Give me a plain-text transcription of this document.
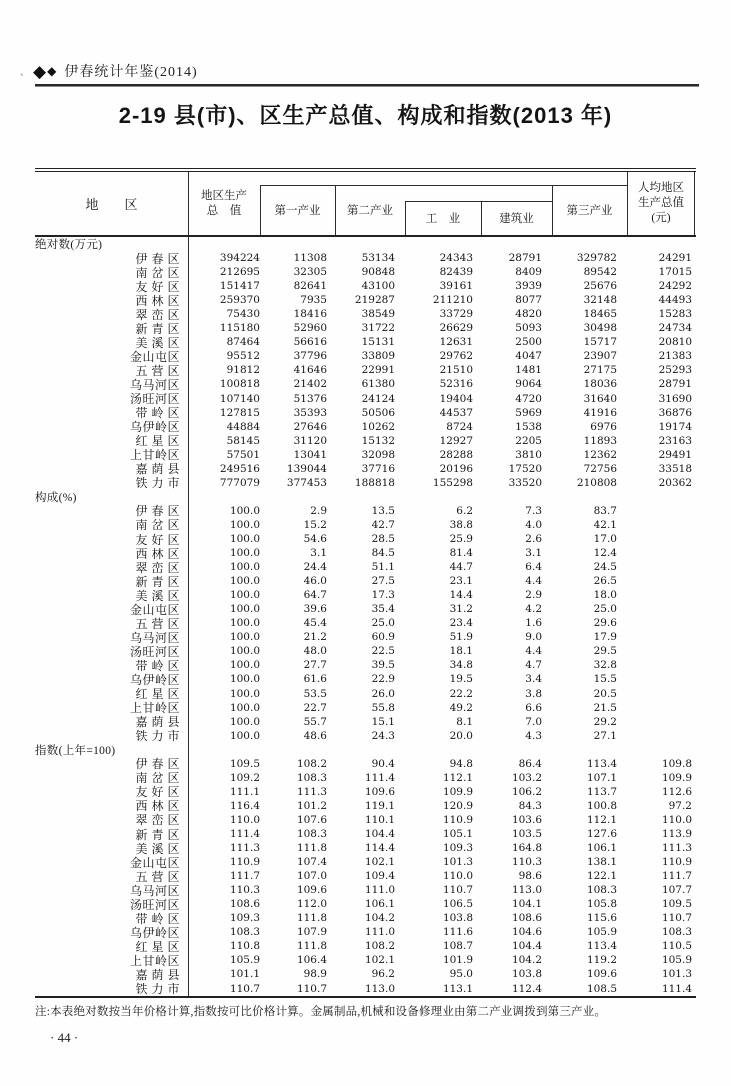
、 ◆ ◆ 伊春统计年鉴(2014)
2-19 县(市)、区生产总值、构成和指数(2013 年)
地　　区
地区生产
总　值	第一产业	第二产业
工　业	建筑业
第三产业
人均地区
生产总值
(元)
绝对数(万元)
伊 春 区	394224	11308	53134	24343	28791	329782	24291
南 岔 区	212695	32305	90848	82439	8409	89542	17015
友 好 区	151417	82641	43100	39161	3939	25676	24292
西 林 区	259370	7935	219287	211210	8077	32148	44493
翠 峦 区	75430	18416	38549	33729	4820	18465	15283
新 青 区	115180	52960	31722	26629	5093	30498	24734
美 溪 区	87464	56616	15131	12631	2500	15717	20810
金山屯区	95512	37796	33809	29762	4047	23907	21383
五 营 区	91812	41646	22991	21510	1481	27175	25293
乌马河区	100818	21402	61380	52316	9064	18036	28791
汤旺河区	107140	51376	24124	19404	4720	31640	31690
带 岭 区	127815	35393	50506	44537	5969	41916	36876
乌伊岭区	44884	27646	10262	8724	1538	6976	19174
红 星 区	58145	31120	15132	12927	2205	11893	23163
上甘岭区	57501	13041	32098	28288	3810	12362	29491
嘉 荫 县	249516	139044	37716	20196	17520	72756	33518
铁 力 市	777079	377453	188818	155298	33520	210808	20362
构成(%)
伊 春 区	100.0	2.9	13.5	6.2	7.3	83.7
南 岔 区	100.0	15.2	42.7	38.8	4.0	42.1
友 好 区	100.0	54.6	28.5	25.9	2.6	17.0
西 林 区	100.0	3.1	84.5	81.4	3.1	12.4
翠 峦 区	100.0	24.4	51.1	44.7	6.4	24.5
新 青 区	100.0	46.0	27.5	23.1	4.4	26.5
美 溪 区	100.0	64.7	17.3	14.4	2.9	18.0
金山屯区	100.0	39.6	35.4	31.2	4.2	25.0
五 营 区	100.0	45.4	25.0	23.4	1.6	29.6
乌马河区	100.0	21.2	60.9	51.9	9.0	17.9
汤旺河区	100.0	48.0	22.5	18.1	4.4	29.5
带 岭 区	100.0	27.7	39.5	34.8	4.7	32.8
乌伊岭区	100.0	61.6	22.9	19.5	3.4	15.5
红 星 区	100.0	53.5	26.0	22.2	3.8	20.5
上甘岭区	100.0	22.7	55.8	49.2	6.6	21.5
嘉 荫 县	100.0	55.7	15.1	8.1	7.0	29.2
铁 力 市	100.0	48.6	24.3	20.0	4.3	27.1
指数(上年=100)
伊 春 区	109.5	108.2	90.4	94.8	86.4	113.4	109.8
南 岔 区	109.2	108.3	111.4	112.1	103.2	107.1	109.9
友 好 区	111.1	111.3	109.6	109.9	106.2	113.7	112.6
西 林 区	116.4	101.2	119.1	120.9	84.3	100.8	97.2
翠 峦 区	110.0	107.6	110.1	110.9	103.6	112.1	110.0
新 青 区	111.4	108.3	104.4	105.1	103.5	127.6	113.9
美 溪 区	111.3	111.8	114.4	109.3	164.8	106.1	111.3
金山屯区	110.9	107.4	102.1	101.3	110.3	138.1	110.9
五 营 区	111.7	107.0	109.4	110.0	98.6	122.1	111.7
乌马河区	110.3	109.6	111.0	110.7	113.0	108.3	107.7
汤旺河区	108.6	112.0	106.1	106.5	104.1	105.8	109.5
带 岭 区	109.3	111.8	104.2	103.8	108.6	115.6	110.7
乌伊岭区	108.3	107.9	111.0	111.6	104.6	105.9	108.3
红 星 区	110.8	111.8	108.2	108.7	104.4	113.4	110.5
上甘岭区	105.9	106.4	102.1	101.9	104.2	119.2	105.9
嘉 荫 县	101.1	98.9	96.2	95.0	103.8	109.6	101.3
铁 力 市	110.7	110.7	113.0	113.1	112.4	108.5	111.4
注:本表绝对数按当年价格计算,指数按可比价格计算。金属制品,机械和设备修理业由第二产业调拨到第三产业。
· 44 ·
